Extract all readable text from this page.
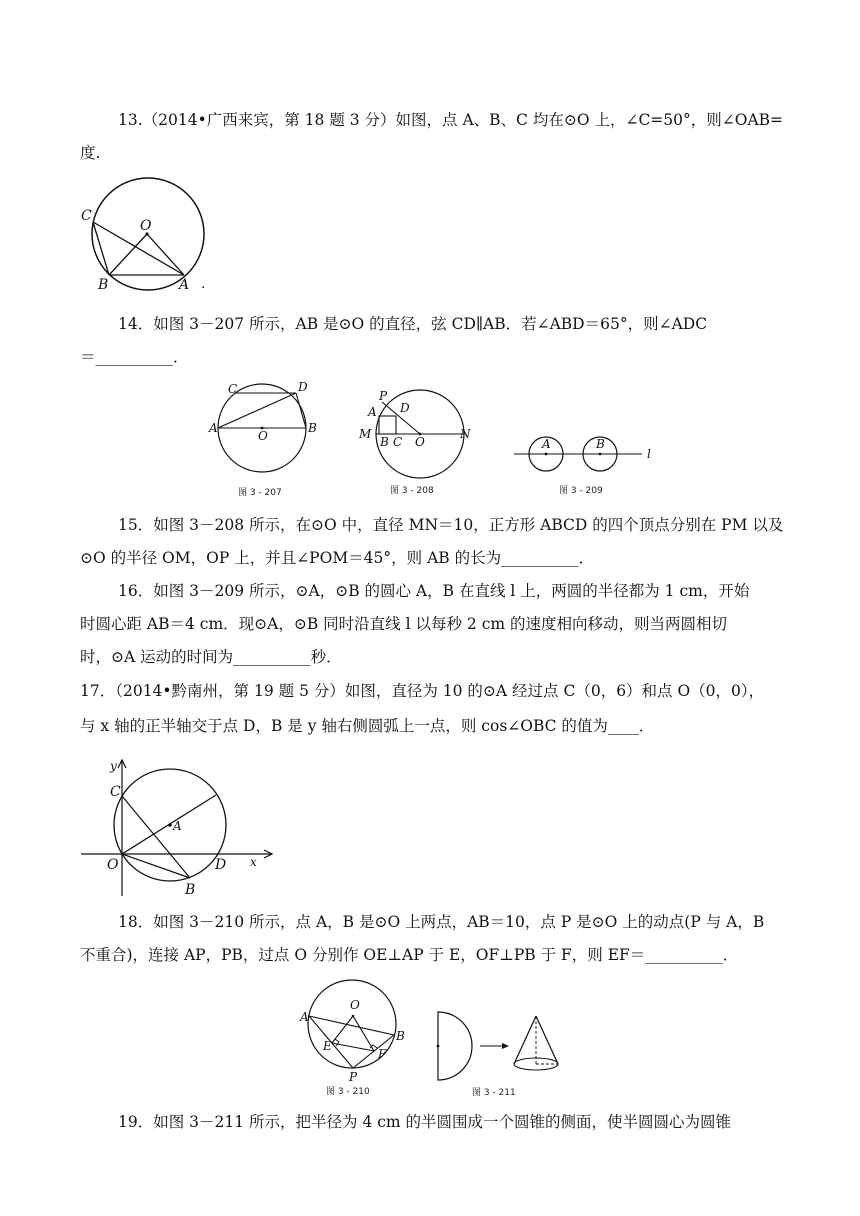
13.（2014•广西来宾，第 18 题 3 分）如图，点 A、B、C 均在⊙O 上，∠C=50°，则∠OAB=
度.
C
O
B	A .
14．如图 3－207 所示，AB 是⊙O 的直径，弦 CD∥AB．若∠ABD＝65°，则∠ADC
＝__________．
C	D
A
O
B
图 3 - 207
P
D
A
M
B C O
N
图 3 - 208
A	B
l
图 3 - 209
15．如图 3－208 所示，在⊙O 中，直径 MN＝10，正方形 ABCD 的四个顶点分别在 PM 以及
⊙O 的半径 OM，OP 上，并且∠POM＝45°，则 AB 的长为__________．
16．如图 3－209 所示，⊙A，⊙B 的圆心 A，B 在直线 l 上，两圆的半径都为 1 cm，开始
时圆心距 AB＝4 cm．现⊙A，⊙B 同时沿直线 l 以每秒 2 cm 的速度相向移动，则当两圆相切
时，⊙A 运动的时间为__________秒．
17．（2014•黔南州，第 19 题 5 分）如图，直径为 10 的⊙A 经过点 C（0，6）和点 O（0，0），
与 x 轴的正半轴交于点 D，B 是 y 轴右侧圆弧上一点，则 cos∠OBC 的值为____．
y
C
A
O	D x
B
18．如图 3－210 所示，点 A，B 是⊙O 上两点，AB＝10，点 P 是⊙O 上的动点(P 与 A，B
不重合)，连接 AP，PB，过点 O 分别作 OE⊥AP 于 E，OF⊥PB 于 F，则 EF＝__________．
A
O
B
E
F
P
图 3 - 210	图 3 - 211
19．如图 3－211 所示，把半径为 4 cm 的半圆围成一个圆锥的侧面，使半圆圆心为圆锥
